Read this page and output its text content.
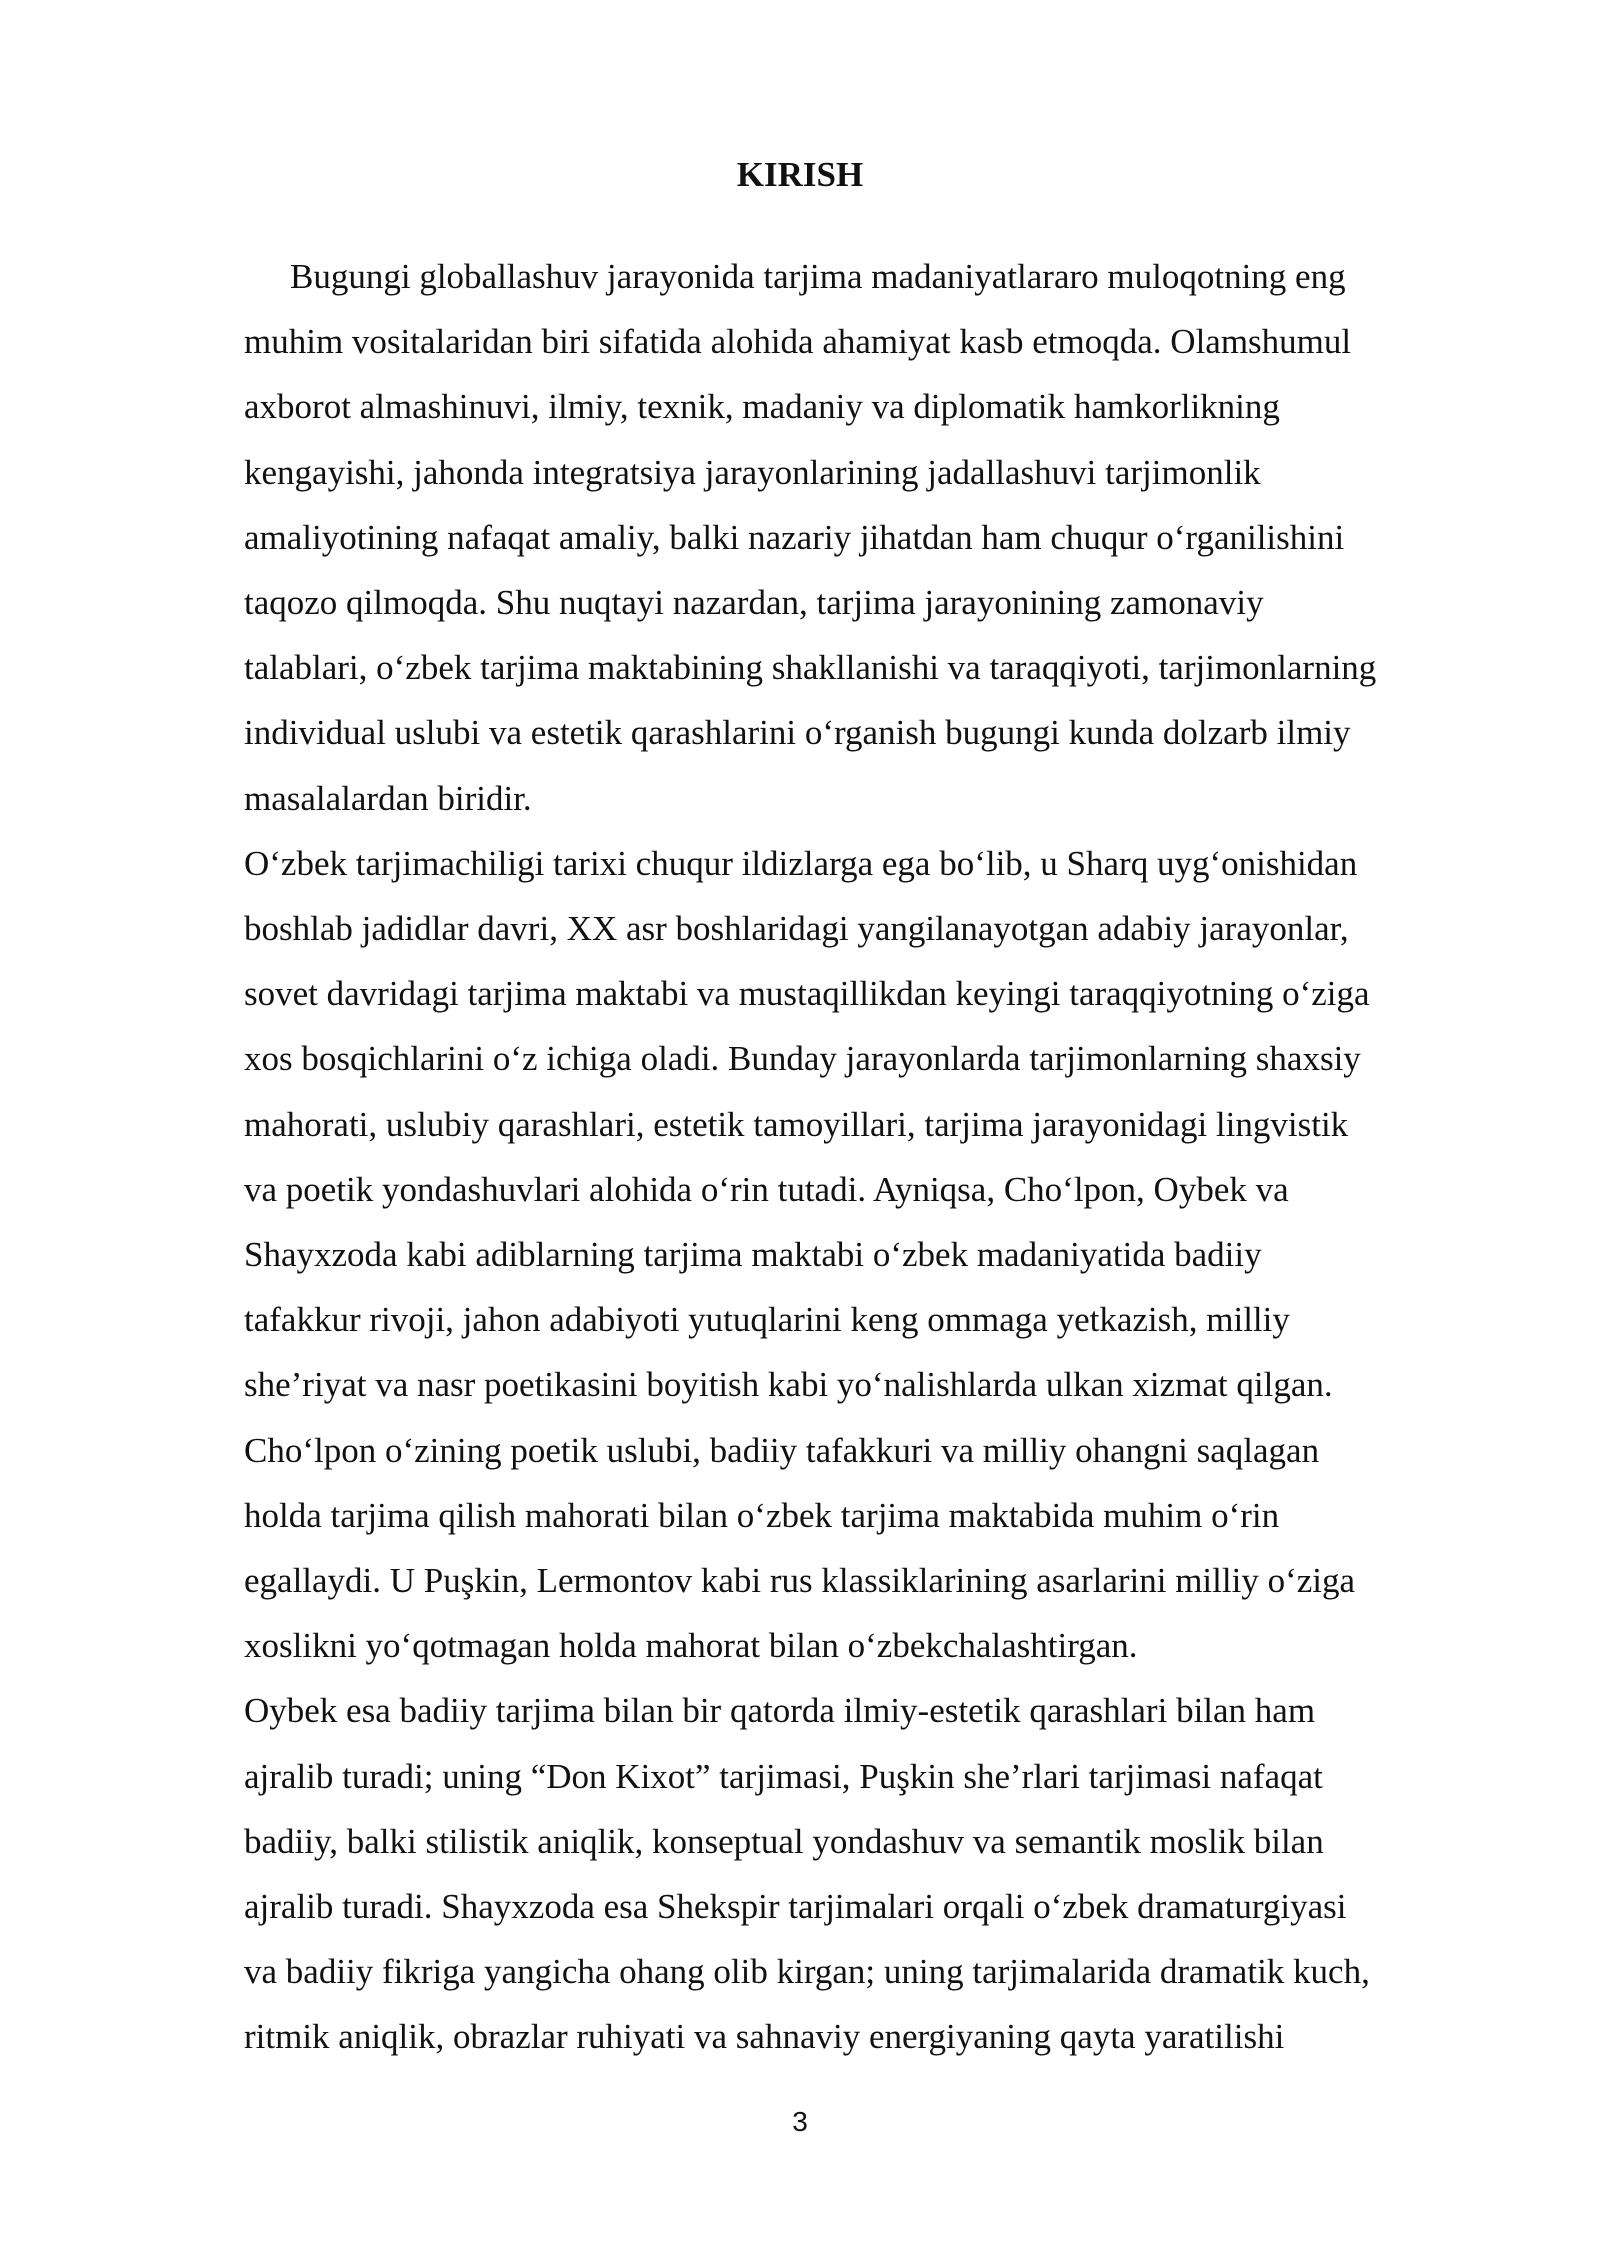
KIRISH
Bugungi globallashuv jarayonida tarjima madaniyatlararo muloqotning eng
muhim vositalaridan biri sifatida alohida ahamiyat kasb etmoqda. Olamshumul
axborot almashinuvi, ilmiy, texnik, madaniy va diplomatik hamkorlikning
kengayishi, jahonda integratsiya jarayonlarining jadallashuvi tarjimonlik
amaliyotining nafaqat amaliy, balki nazariy jihatdan ham chuqur o‘rganilishini
taqozo qilmoqda. Shu nuqtayi nazardan, tarjima jarayonining zamonaviy
talablari, o‘zbek tarjima maktabining shakllanishi va taraqqiyoti, tarjimonlarning
individual uslubi va estetik qarashlarini o‘rganish bugungi kunda dolzarb ilmiy
masalalardan biridir.
O‘zbek tarjimachiligi tarixi chuqur ildizlarga ega bo‘lib, u Sharq uyg‘onishidan
boshlab jadidlar davri, XX asr boshlaridagi yangilanayotgan adabiy jarayonlar,
sovet davridagi tarjima maktabi va mustaqillikdan keyingi taraqqiyotning o‘ziga
xos bosqichlarini o‘z ichiga oladi. Bunday jarayonlarda tarjimonlarning shaxsiy
mahorati, uslubiy qarashlari, estetik tamoyillari, tarjima jarayonidagi lingvistik
va poetik yondashuvlari alohida o‘rin tutadi. Ayniqsa, Cho‘lpon, Oybek va
Shayxzoda kabi adiblarning tarjima maktabi o‘zbek madaniyatida badiiy
tafakkur rivoji, jahon adabiyoti yutuqlarini keng ommaga yetkazish, milliy
she’riyat va nasr poetikasini boyitish kabi yo‘nalishlarda ulkan xizmat qilgan.
Cho‘lpon o‘zining poetik uslubi, badiiy tafakkuri va milliy ohangni saqlagan
holda tarjima qilish mahorati bilan o‘zbek tarjima maktabida muhim o‘rin
egallaydi. U Puşkin, Lermontov kabi rus klassiklarining asarlarini milliy o‘ziga
xoslikni yo‘qotmagan holda mahorat bilan o‘zbekchalashtirgan.
Oybek esa badiiy tarjima bilan bir qatorda ilmiy-estetik qarashlari bilan ham
ajralib turadi; uning “Don Kixot” tarjimasi, Puşkin she’rlari tarjimasi nafaqat
badiiy, balki stilistik aniqlik, konseptual yondashuv va semantik moslik bilan
ajralib turadi. Shayxzoda esa Shekspir tarjimalari orqali o‘zbek dramaturgiyasi
va badiiy fikriga yangicha ohang olib kirgan; uning tarjimalarida dramatik kuch,
ritmik aniqlik, obrazlar ruhiyati va sahnaviy energiyaning qayta yaratilishi
3
